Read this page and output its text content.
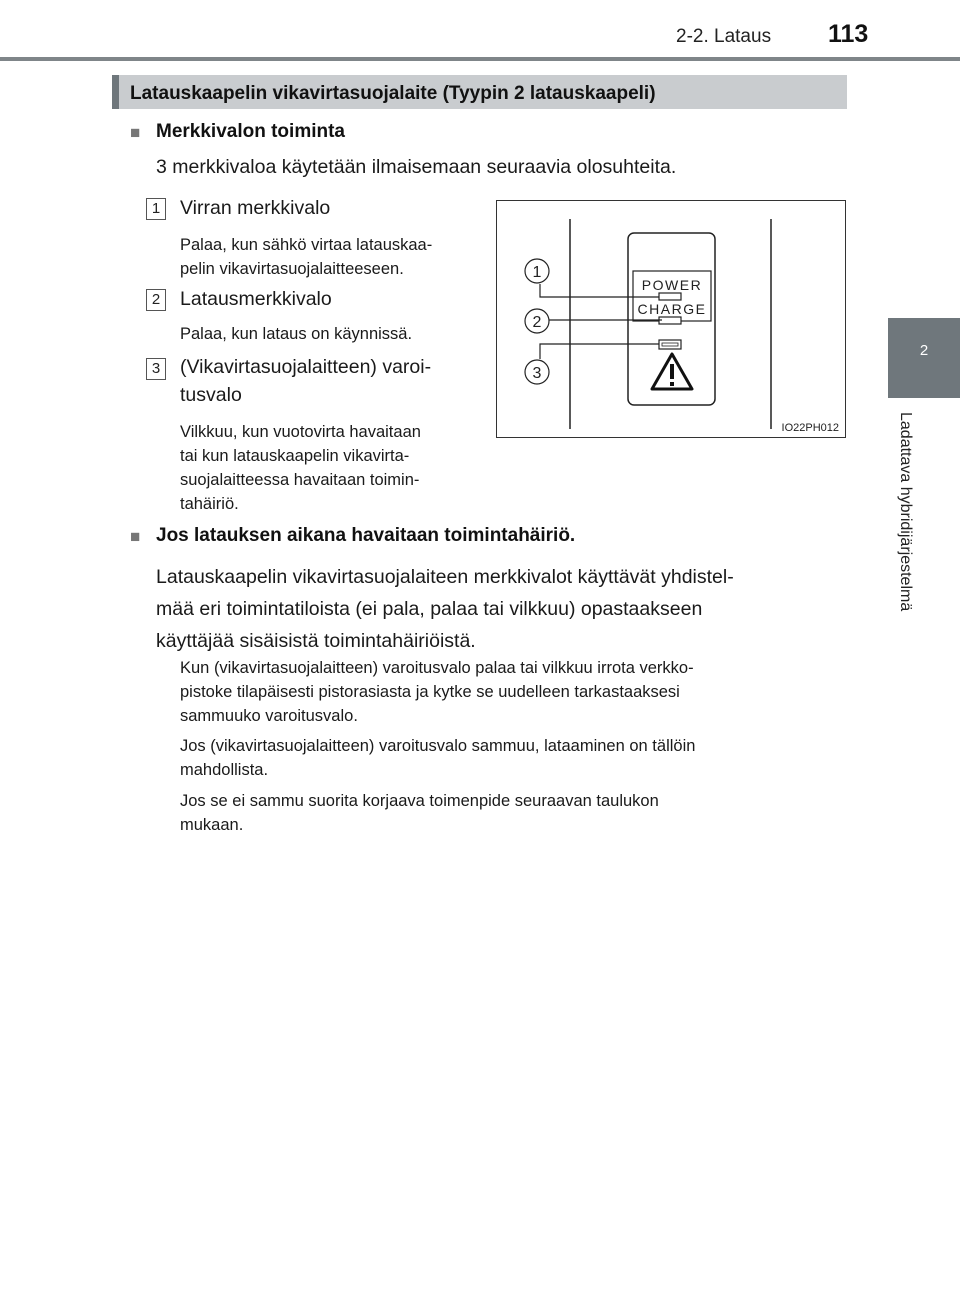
2-2. Lataus 113
2
Ladattava hybridijärjestelmä
Latauskaapelin vikavirtasuojalaite (Tyypin 2 latauskaapeli)
■ Merkkivalon toiminta
3 merkkivaloa käytetään ilmaisemaan seuraavia olosuhteita.
1 Virran merkkivalo
Palaa, kun sähkö virtaa latauskaa-
pelin vikavirtasuojalaitteeseen.
2 Latausmerkkivalo
Palaa, kun lataus on käynnissä.
3 (Vikavirtasuojalaitteen) varoi-
tusvalo
Vilkkuu, kun vuotovirta havaitaan
tai kun latauskaapelin vikavirta-
suojalaitteessa havaitaan toimin-
tahäiriö.
POWER
CHARGE
1
2
3
IO22PH012
■ Jos latauksen aikana havaitaan toimintahäiriö.
Latauskaapelin vikavirtasuojalaiteen merkkivalot käyttävät yhdistel-
mää eri toimintatiloista (ei pala, palaa tai vilkkuu) opastaakseen
käyttäjää sisäisistä toimintahäiriöistä.
Kun (vikavirtasuojalaitteen) varoitusvalo palaa tai vilkkuu irrota verkko-
pistoke tilapäisesti pistorasiasta ja kytke se uudelleen tarkastaaksesi
sammuuko varoitusvalo.
Jos (vikavirtasuojalaitteen) varoitusvalo sammuu, lataaminen on tällöin
mahdollista.
Jos se ei sammu suorita korjaava toimenpide seuraavan taulukon
mukaan.
